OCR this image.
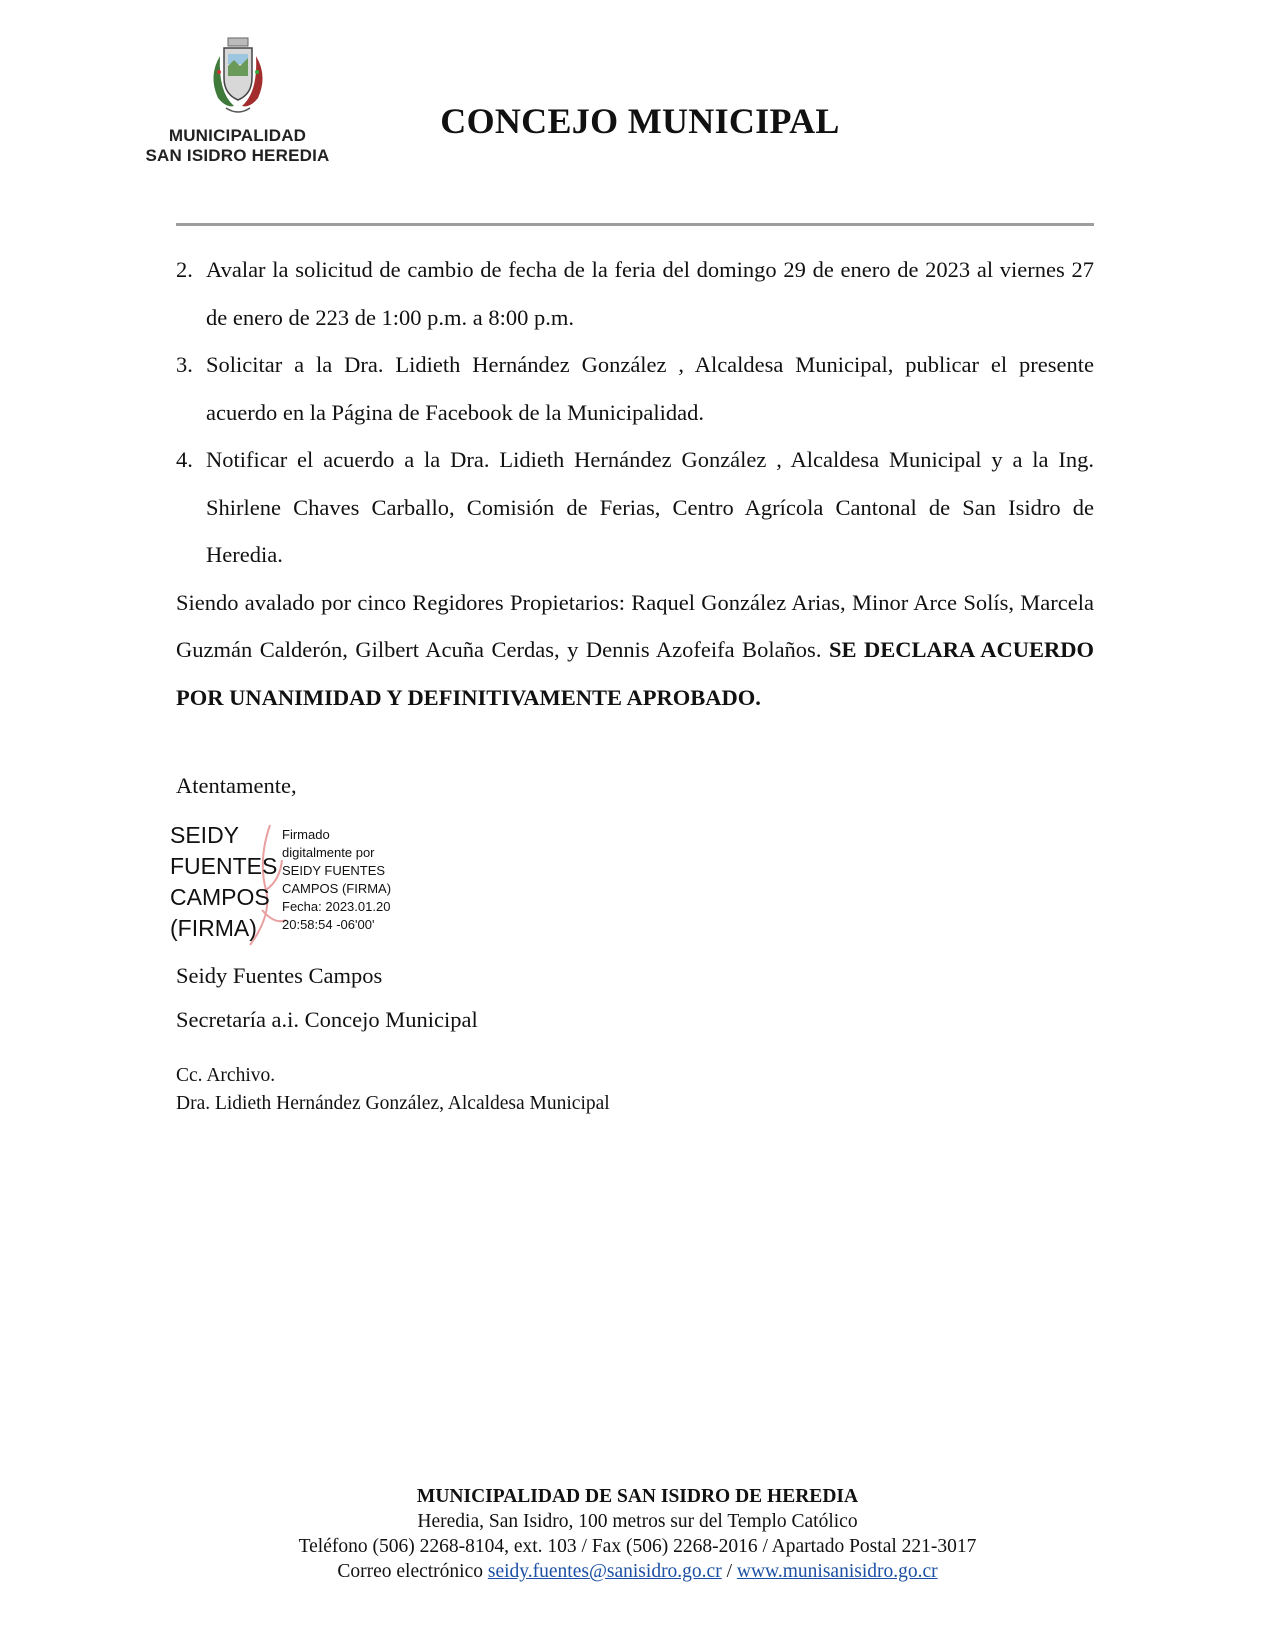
MUNICIPALIDAD
SAN ISIDRO HEREDIA
CONCEJO MUNICIPAL
2. Avalar la solicitud de cambio de fecha de la feria del domingo 29 de enero de 2023 al viernes 27 de enero de 223 de 1:00 p.m. a 8:00 p.m.
3. Solicitar a la Dra. Lidieth Hernández González , Alcaldesa Municipal, publicar el presente acuerdo en la Página de Facebook de la Municipalidad.
4. Notificar el acuerdo a la Dra. Lidieth Hernández González , Alcaldesa Municipal y a la Ing. Shirlene Chaves Carballo, Comisión de Ferias, Centro Agrícola Cantonal de San Isidro de Heredia.
Siendo avalado por cinco Regidores Propietarios: Raquel González Arias, Minor Arce Solís, Marcela Guzmán Calderón, Gilbert Acuña Cerdas, y Dennis Azofeifa Bolaños. SE DECLARA ACUERDO POR UNANIMIDAD Y DEFINITIVAMENTE APROBADO.
Atentamente,
SEIDY
FUENTES
CAMPOS
(FIRMA)
Firmado
digitalmente por
SEIDY FUENTES
CAMPOS (FIRMA)
Fecha: 2023.01.20
20:58:54 -06'00'
Seidy Fuentes Campos
Secretaría a.i. Concejo Municipal
Cc. Archivo.
Dra. Lidieth Hernández González, Alcaldesa Municipal
MUNICIPALIDAD DE SAN ISIDRO DE HEREDIA
Heredia, San Isidro, 100 metros sur del Templo Católico
Teléfono (506) 2268-8104, ext. 103 / Fax (506) 2268-2016 / Apartado Postal 221-3017
Correo electrónico seidy.fuentes@sanisidro.go.cr / www.munisanisidro.go.cr
